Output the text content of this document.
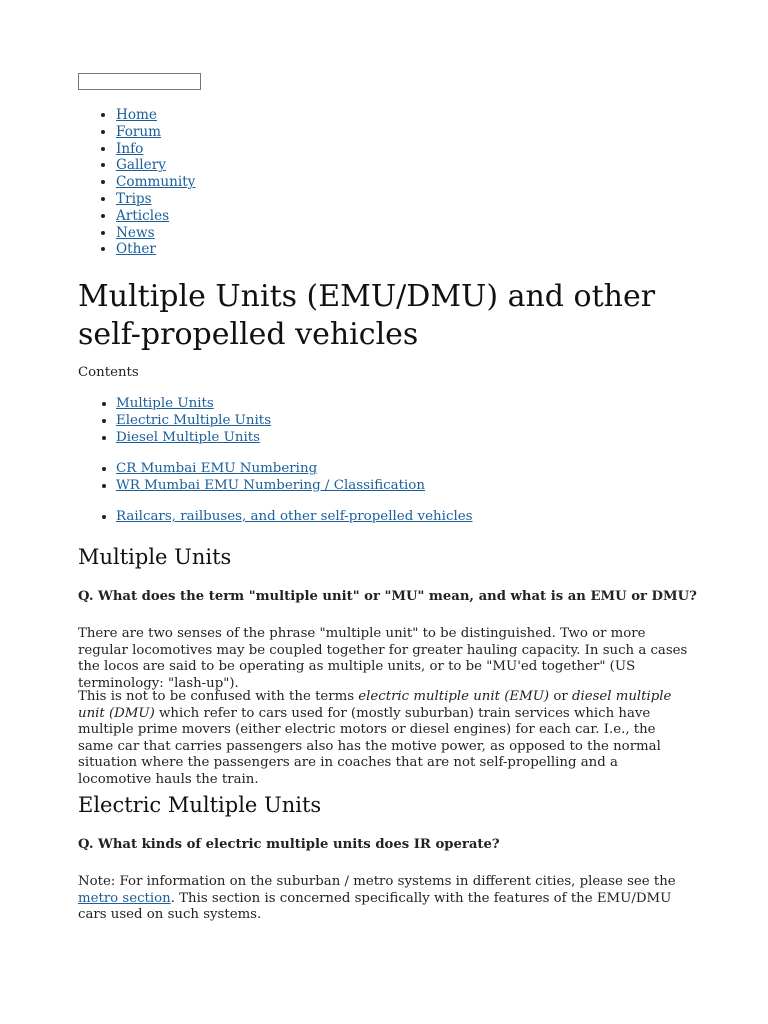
• Home
• Forum
• Info
• Gallery
• Community
• Trips
• Articles
• News
• Other
Multiple Units (EMU/DMU) and other self-propelled vehicles

Contents

• Multiple Units
• Electric Multiple Units
• Diesel Multiple Units
• CR Mumbai EMU Numbering
• WR Mumbai EMU Numbering / Classification
• Railcars, railbuses, and other self-propelled vehicles
Multiple Units

Q. What does the term "multiple unit" or "MU" mean, and what is an EMU or DMU?

There are two senses of the phrase "multiple unit" to be distinguished. Two or more regular locomotives may be coupled together for greater hauling capacity. In such a cases the locos are said to be operating as multiple units, or to be "MU'ed together" (US terminology: "lash-up").

This is not to be confused with the terms electric multiple unit (EMU) or diesel multiple unit (DMU) which refer to cars used for (mostly suburban) train services which have multiple prime movers (either electric motors or diesel engines) for each car. I.e., the same car that carries passengers also has the motive power, as opposed to the normal situation where the passengers are in coaches that are not self-propelling and a locomotive hauls the train.

Electric Multiple Units

Q. What kinds of electric multiple units does IR operate?

Note: For information on the suburban / metro systems in different cities, please see the metro section. This section is concerned specifically with the features of the EMU/DMU cars used on such systems.
